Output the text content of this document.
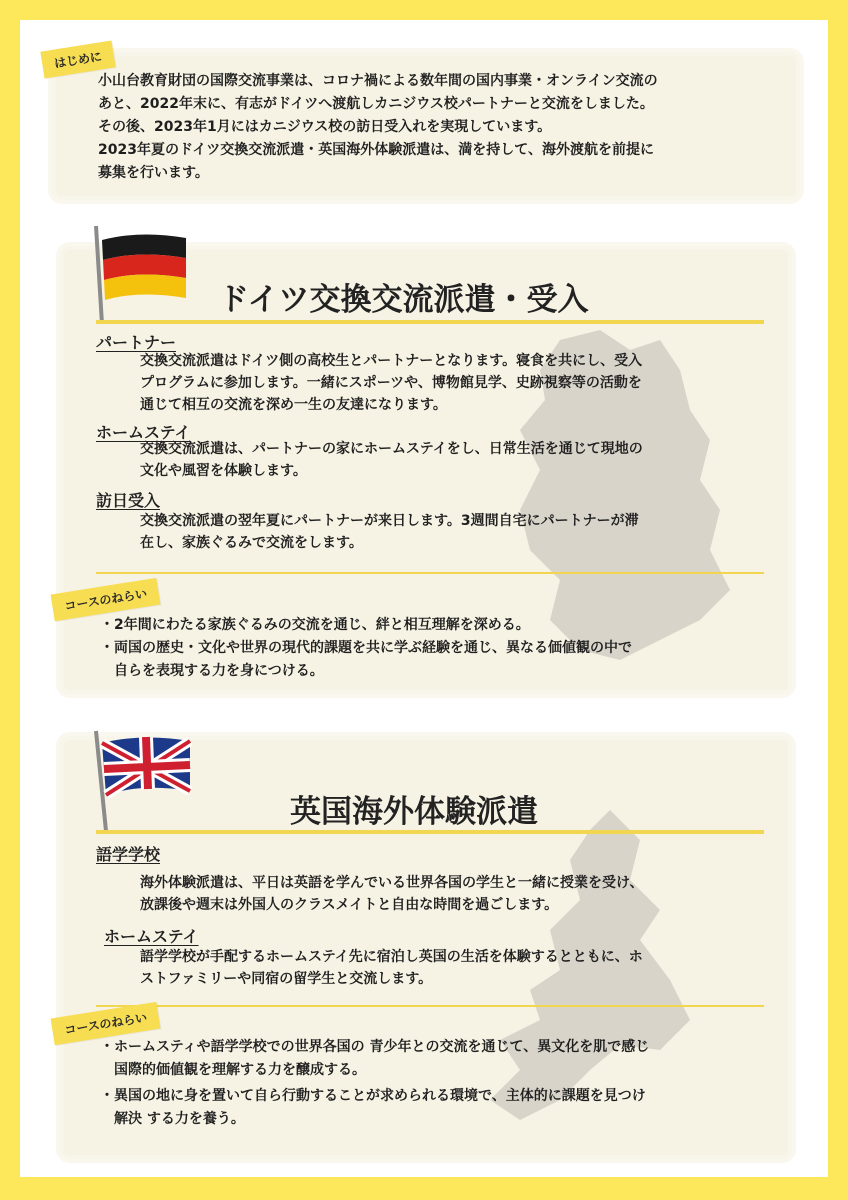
はじめに
小山台教育財団の国際交流事業は、コロナ禍による数年間の国内事業・オンライン交流の
あと、2022年末に、有志がドイツへ渡航しカニジウス校パートナーと交流をしました。
その後、2023年1月にはカニジウス校の訪日受入れを実現しています。
2023年夏のドイツ交換交流派遣・英国海外体験派遣は、満を持して、海外渡航を前提に
募集を行います。
ドイツ交換交流派遣・受入
パートナー
交換交流派遣はドイツ側の高校生とパートナーとなります。寝食を共にし、受入
プログラムに参加します。一緒にスポーツや、博物館見学、史跡視察等の活動を
通じて相互の交流を深め一生の友達になります。
ホームステイ
交換交流派遣は、パートナーの家にホームステイをし、日常生活を通じて現地の
文化や風習を体験します。
訪日受入
交換交流派遣の翌年夏にパートナーが来日します。3週間自宅にパートナーが滞
在し、家族ぐるみで交流をします。
コースのねらい
・2年間にわたる家族ぐるみの交流を通じ、絆と相互理解を深める。
・両国の歴史・文化や世界の現代的課題を共に学ぶ経験を通じ、異なる価値観の中で
　自らを表現する力を身につける。
英国海外体験派遣
語学学校
海外体験派遣は、平日は英語を学んでいる世界各国の学生と一緒に授業を受け、
放課後や週末は外国人のクラスメイトと自由な時間を過ごします。
ホームステイ
語学学校が手配するホームステイ先に宿泊し英国の生活を体験するとともに、ホ
ストファミリーや同宿の留学生と交流します。
コースのねらい
・ホームスティや語学学校での世界各国の 青少年との交流を通じて、異文化を肌で感じ
　国際的価値観を理解する力を醸成する。
・異国の地に身を置いて自ら行動することが求められる環境で、主体的に課題を見つけ
　解決 する力を養う。
